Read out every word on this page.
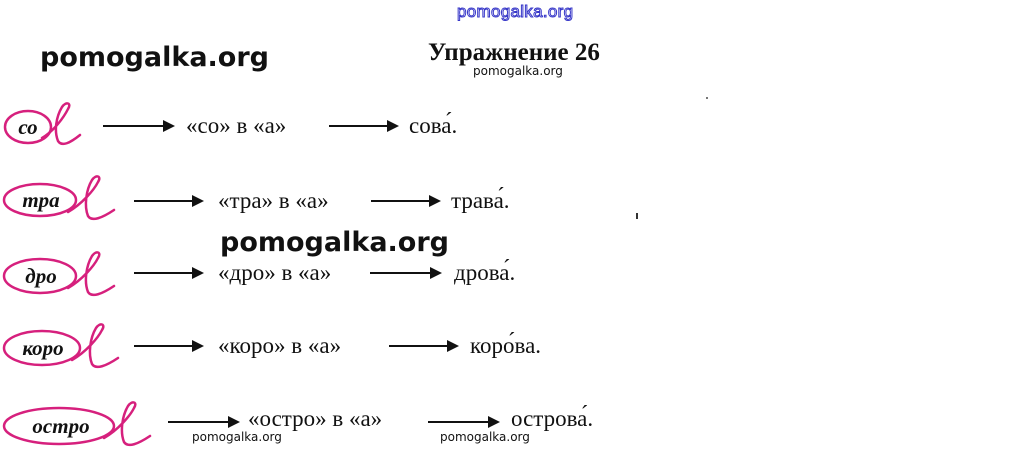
pomogalka.org
pomogalka.org
pomogalka.org
pomogalka.org
pomogalka.org	pomogalka.org
Упражнение 26
со	«со» в «а»	сова́.
тра	«тра» в «а»	трава́.
дро	«дро» в «а»	дрова́.
коро	«коро» в «а»	коро́ва.
остро	«остро» в «а»	острова́.
